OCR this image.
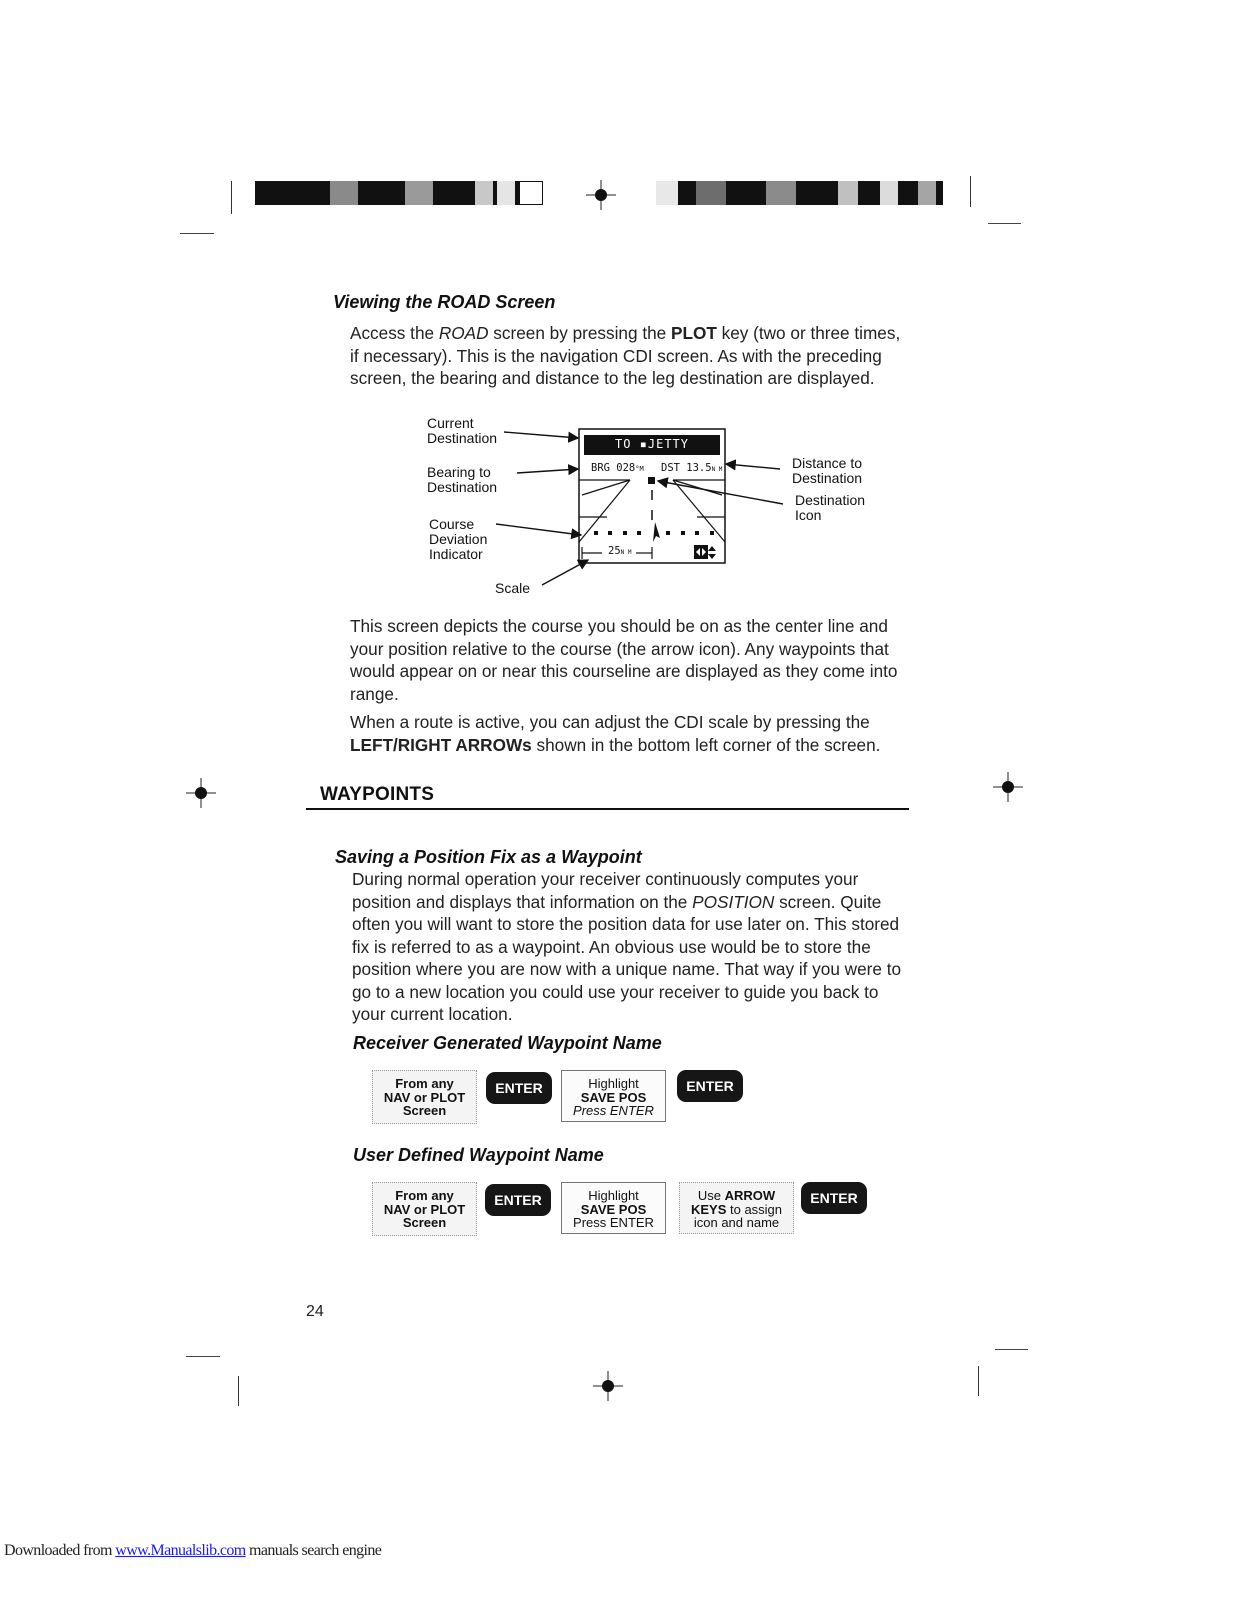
Viewing the ROAD Screen

Access the ROAD screen by pressing the PLOT key (two or three times, if necessary). This is the navigation CDI screen. As with the preceding screen, the bearing and distance to the leg destination are displayed.

Current
Destination
Bearing to
Destination
Course
Deviation
Indicator
Scale
Distance to
Destination
Destination
Icon
TO ▪JETTY
BRG 028°M DST 13.5N M
25N M

This screen depicts the course you should be on as the center line and your position relative to the course (the arrow icon). Any waypoints that would appear on or near this courseline are displayed as they come into range.

When a route is active, you can adjust the CDI scale by pressing the LEFT/RIGHT ARROWs shown in the bottom left corner of the screen.

WAYPOINTS
Saving a Position Fix as a Waypoint

During normal operation your receiver continuously computes your position and displays that information on the POSITION screen. Quite often you will want to store the position data for use later on. This stored fix is referred to as a waypoint. An obvious use would be to store the position where you are now with a unique name. That way if you were to go to a new location you could use your receiver to guide you back to your current location.

Receiver Generated Waypoint Name
From any
NAV or PLOT
Screen
ENTER	Highlight
SAVE POS
Press ENTER
ENTER
User Defined Waypoint Name
From any
NAV or PLOT
Screen
ENTER	Highlight
SAVE POS
Press ENTER
Use ARROW
KEYS to assign
icon and name
ENTER
24
Downloaded from www.Manualslib.com manuals search engine
